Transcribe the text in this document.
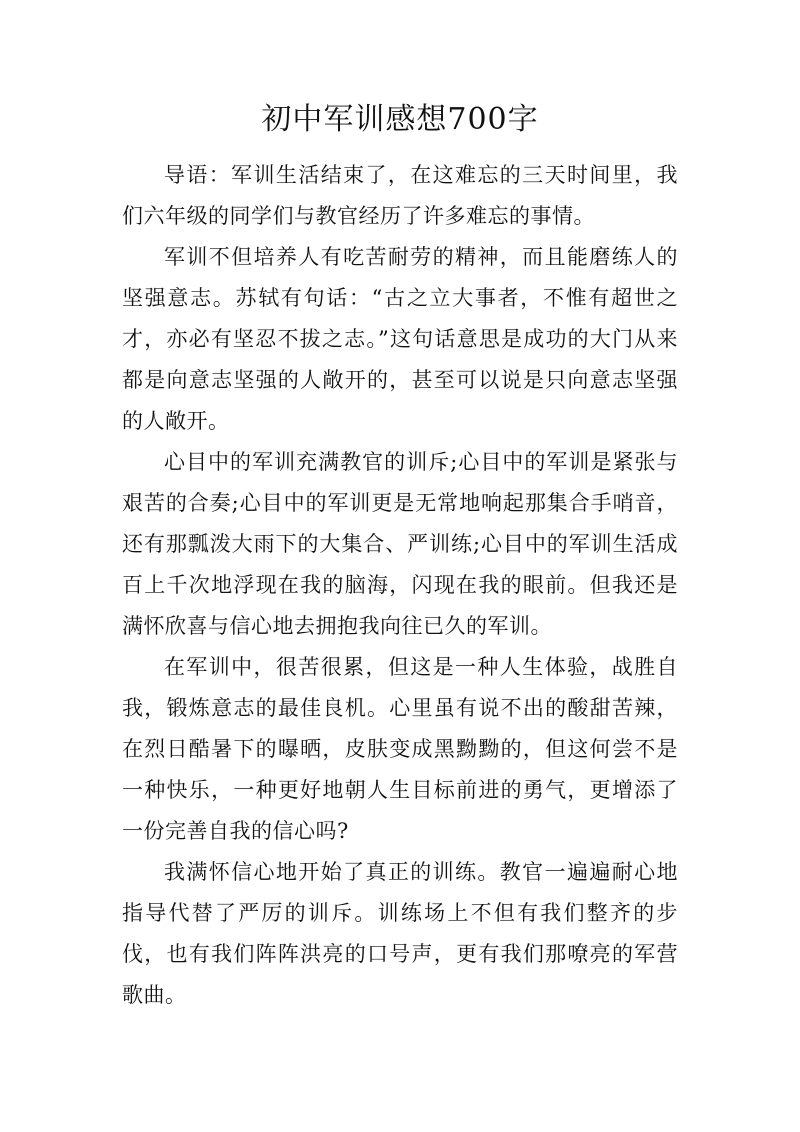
初中军训感想700字

导语：军训生活结束了，在这难忘的三天时间里，我们六年级的同学们与教官经历了许多难忘的事情。

军训不但培养人有吃苦耐劳的精神，而且能磨练人的坚强意志。苏轼有句话：“古之立大事者，不惟有超世之才，亦必有坚忍不拔之志。”这句话意思是成功的大门从来都是向意志坚强的人敞开的，甚至可以说是只向意志坚强的人敞开。

心目中的军训充满教官的训斥;心目中的军训是紧张与艰苦的合奏;心目中的军训更是无常地响起那集合手哨音，还有那瓢泼大雨下的大集合、严训练;心目中的军训生活成百上千次地浮现在我的脑海，闪现在我的眼前。但我还是满怀欣喜与信心地去拥抱我向往已久的军训。

在军训中，很苦很累，但这是一种人生体验，战胜自我，锻炼意志的最佳良机。心里虽有说不出的酸甜苦辣，在烈日酷暑下的曝晒，皮肤变成黑黝黝的，但这何尝不是一种快乐，一种更好地朝人生目标前进的勇气，更增添了一份完善自我的信心吗?

我满怀信心地开始了真正的训练。教官一遍遍耐心地指导代替了严厉的训斥。训练场上不但有我们整齐的步伐，也有我们阵阵洪亮的口号声，更有我们那嘹亮的军营歌曲。
